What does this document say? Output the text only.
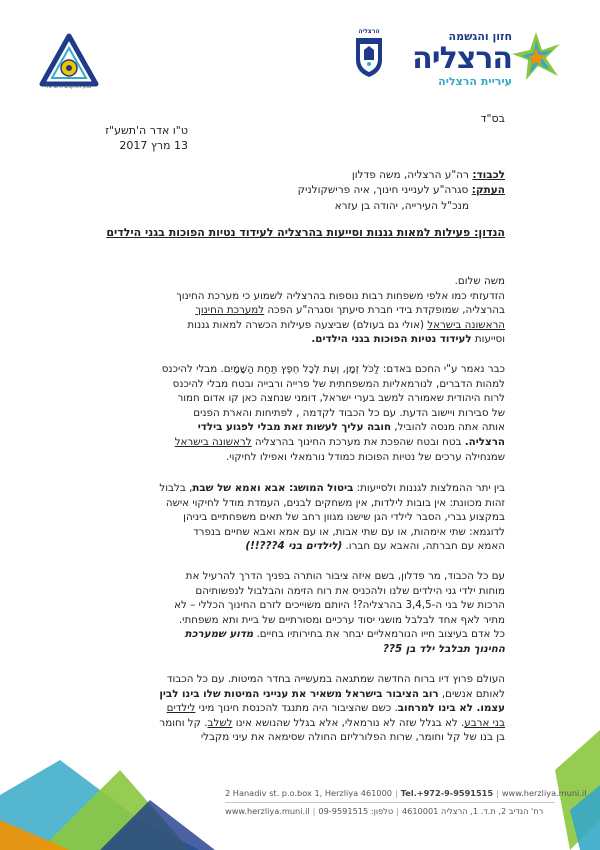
מכון התקנים הישראלי
הרצליה	חזון והגשמה
הרצליה
עיריית הרצליה
בס"ד
ט"ו אדר ה'תשע"ז
13 מרץ 2017
לכבוד: רה"ע הרצליה, משה פדלון
העתק: סגרה"ע לענייני חינוך, איה פרישקולניק
מנכ"ל העירייה, יהודה בן עזרא
הנדון: פעילות למאות גננות וסייעות בהרצליה לעידוד נטיות הפוכות בגני הילדים

משה שלום.

הזדעזתי כמו אלפי משפחות רבות נוספות בהרצליה לשמוע כי מערכת החינוך

בהרצליה, שמופקדת בידי חברת סיעתך וסגרה"ע הפכה למערכת החינוך

הראשונה בישראל (אולי גם בעולם) שביצעה פעילות הכשרה למאות גננות

וסייעות לעידוד נטיות הפוכות בגני הילדים.

כבר נאמר ע"י החכם באדם: לַכֹּל זְמָן, וְעֵת לְכָל חֵפֶץ תַּחַת הַשָּׁמָיִם. מבלי להיכנס

למהות הדברים, לנורמאליות המשפחתית של פרייה ורבייה ובטח מבלי להיכנס

לרוח היהודית שאמורה למשב בערי ישראל, דומני שנחצה כאן קו אדום חמור

של סבירות ויישוב הדעת. עם כל הכבוד לקדמה , לפתיחות והארת הפנים

אותה אתה מנסה להוביל, חובה עליך לעשות זאת מבלי לפגוע בילדי

הרצליה. בטח ובטח שהפכת את מערכת החינוך בהרצליה לראשונה בישראל

שמנחילה ערכים של נטיות הפוכות כמודל נורמאלי ואפילו לחיקוי.

בין יתר ההמלצות לגננות ולסייעות: ביטול המושג: אבא ואמא של שבת, בלבול

זהות מכוונת: אין בובות לילדות, אין משחקים לבנים, העמדת מודל לחיקוי אישה

במקצוע גברי, הסבר לילדי הגן שישנו מגוון רחב של תאים משפחתיים ביניהן

לדוגמא: שתי אימהות, או עם שתי אבות, או עם אמא ואבא שחיים בנפרד

האמא עם חברתה, והאבא עם חברו. (לילדים בני 4???!!)

עם כל הכבוד, מר פדלון, בשם איזה ציבור הותרה בפניך הדרך להרעיל את

מוחות ילדי גני הילדים שלנו ולהכניס את רוח הזימה והבלבול לנפשותיהם

הרכות של בני ה-3,4,5 בהרצליה?! היותם משוייכים לזרם החינוך הכללי – לא

מתיר לאף אחד לבלבל מושגי יסוד ערכיים ומסורתיים של ביית ותא משפחתי.

כל אדם בעיצוב חייו הנורמאליים יבחר את בחירותיו בחיים. מדוע שמערכת

החינוך תבלבל ילד בן 5??

העולם פרוץ דיו ברוח החדשה שמתגאה במעשייה בחדר המיטות. עם כל הכבוד

לאותם אנשים, רוב הציבור בישראל משאיר את ענייני המיטות שלו בינו לבין

עצמו. לא בינו למרחוב. כשם שהציבור היה מתנגד להכנסת חינוך מיני לילדים

בני ארבע. לא בגלל שזה לא נורמאלי, אלא בגלל שהנושא אינו לשלב. קל וחומר

בן בנו של קל וחומר, שרות הפלורליזם החולה שסימאה את עיני מקבלי

2 Hanadiv st. p.o.box 1, Herzliya 461000 | Tel.+972-9-9591515 | www.herzliya.muni.il
www.herzliya.muni.il | 09-9591515 טלפון: | רח' הנדיב 2, ת.ד. 1, הרצליה 4610001
